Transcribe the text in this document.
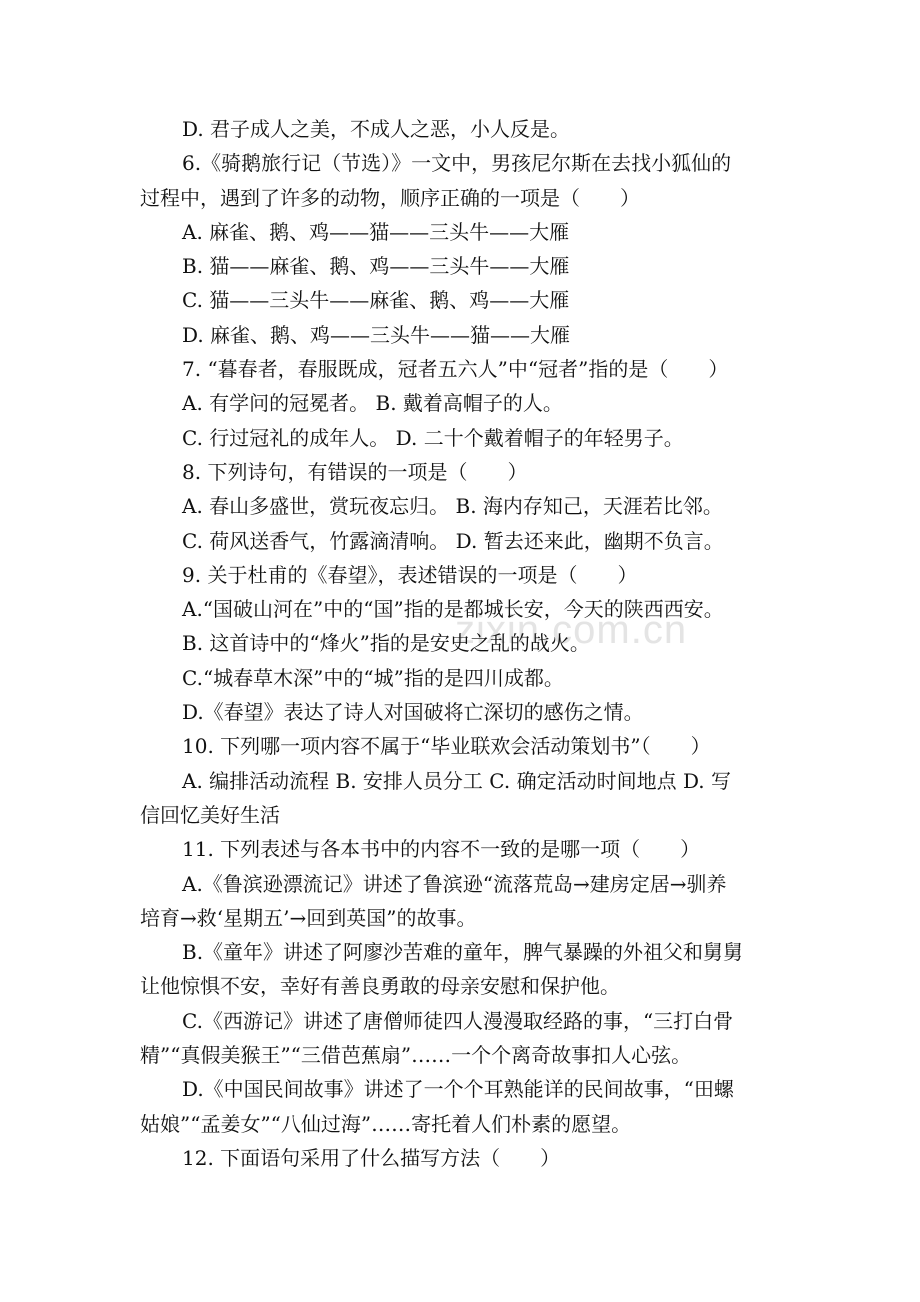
zixin.com.cn
D. 君子成人之美，不成人之恶，小人反是。
6.《骑鹅旅行记（节选）》一文中，男孩尼尔斯在去找小狐仙的
过程中，遇到了许多的动物，顺序正确的一项是（　　）
A. 麻雀、鹅、鸡——猫——三头牛——大雁
B. 猫——麻雀、鹅、鸡——三头牛——大雁
C. 猫——三头牛——麻雀、鹅、鸡——大雁
D. 麻雀、鹅、鸡——三头牛——猫——大雁
7. “暮春者，春服既成，冠者五六人”中“冠者”指的是（　　）
A. 有学问的冠冕者。 B. 戴着高帽子的人。
C. 行过冠礼的成年人。 D. 二十个戴着帽子的年轻男子。
8. 下列诗句，有错误的一项是（　　）
A. 春山多盛世，赏玩夜忘归。 B. 海内存知己，天涯若比邻。
C. 荷风送香气，竹露滴清响。 D. 暂去还来此，幽期不负言。
9. 关于杜甫的《春望》，表述错误的一项是（　　）
A.“国破山河在”中的“国”指的是都城长安，今天的陕西西安。
B. 这首诗中的“烽火”指的是安史之乱的战火。
C.“城春草木深”中的“城”指的是四川成都。
D.《春望》表达了诗人对国破将亡深切的感伤之情。
10. 下列哪一项内容不属于“毕业联欢会活动策划书”（　　）
A. 编排活动流程 B. 安排人员分工 C. 确定活动时间地点 D. 写
信回忆美好生活
11. 下列表述与各本书中的内容不一致的是哪一项（　　）
A.《鲁滨逊漂流记》讲述了鲁滨逊“流落荒岛→建房定居→驯养
培育→救‘星期五’→回到英国”的故事。
B.《童年》讲述了阿廖沙苦难的童年，脾气暴躁的外祖父和舅舅
让他惊惧不安，幸好有善良勇敢的母亲安慰和保护他。
C.《西游记》讲述了唐僧师徒四人漫漫取经路的事，“三打白骨
精”“真假美猴王”“三借芭蕉扇”……一个个离奇故事扣人心弦。
D.《中国民间故事》讲述了一个个耳熟能详的民间故事，“田螺
姑娘”“孟姜女”“八仙过海”……寄托着人们朴素的愿望。
12. 下面语句采用了什么描写方法（　　）
